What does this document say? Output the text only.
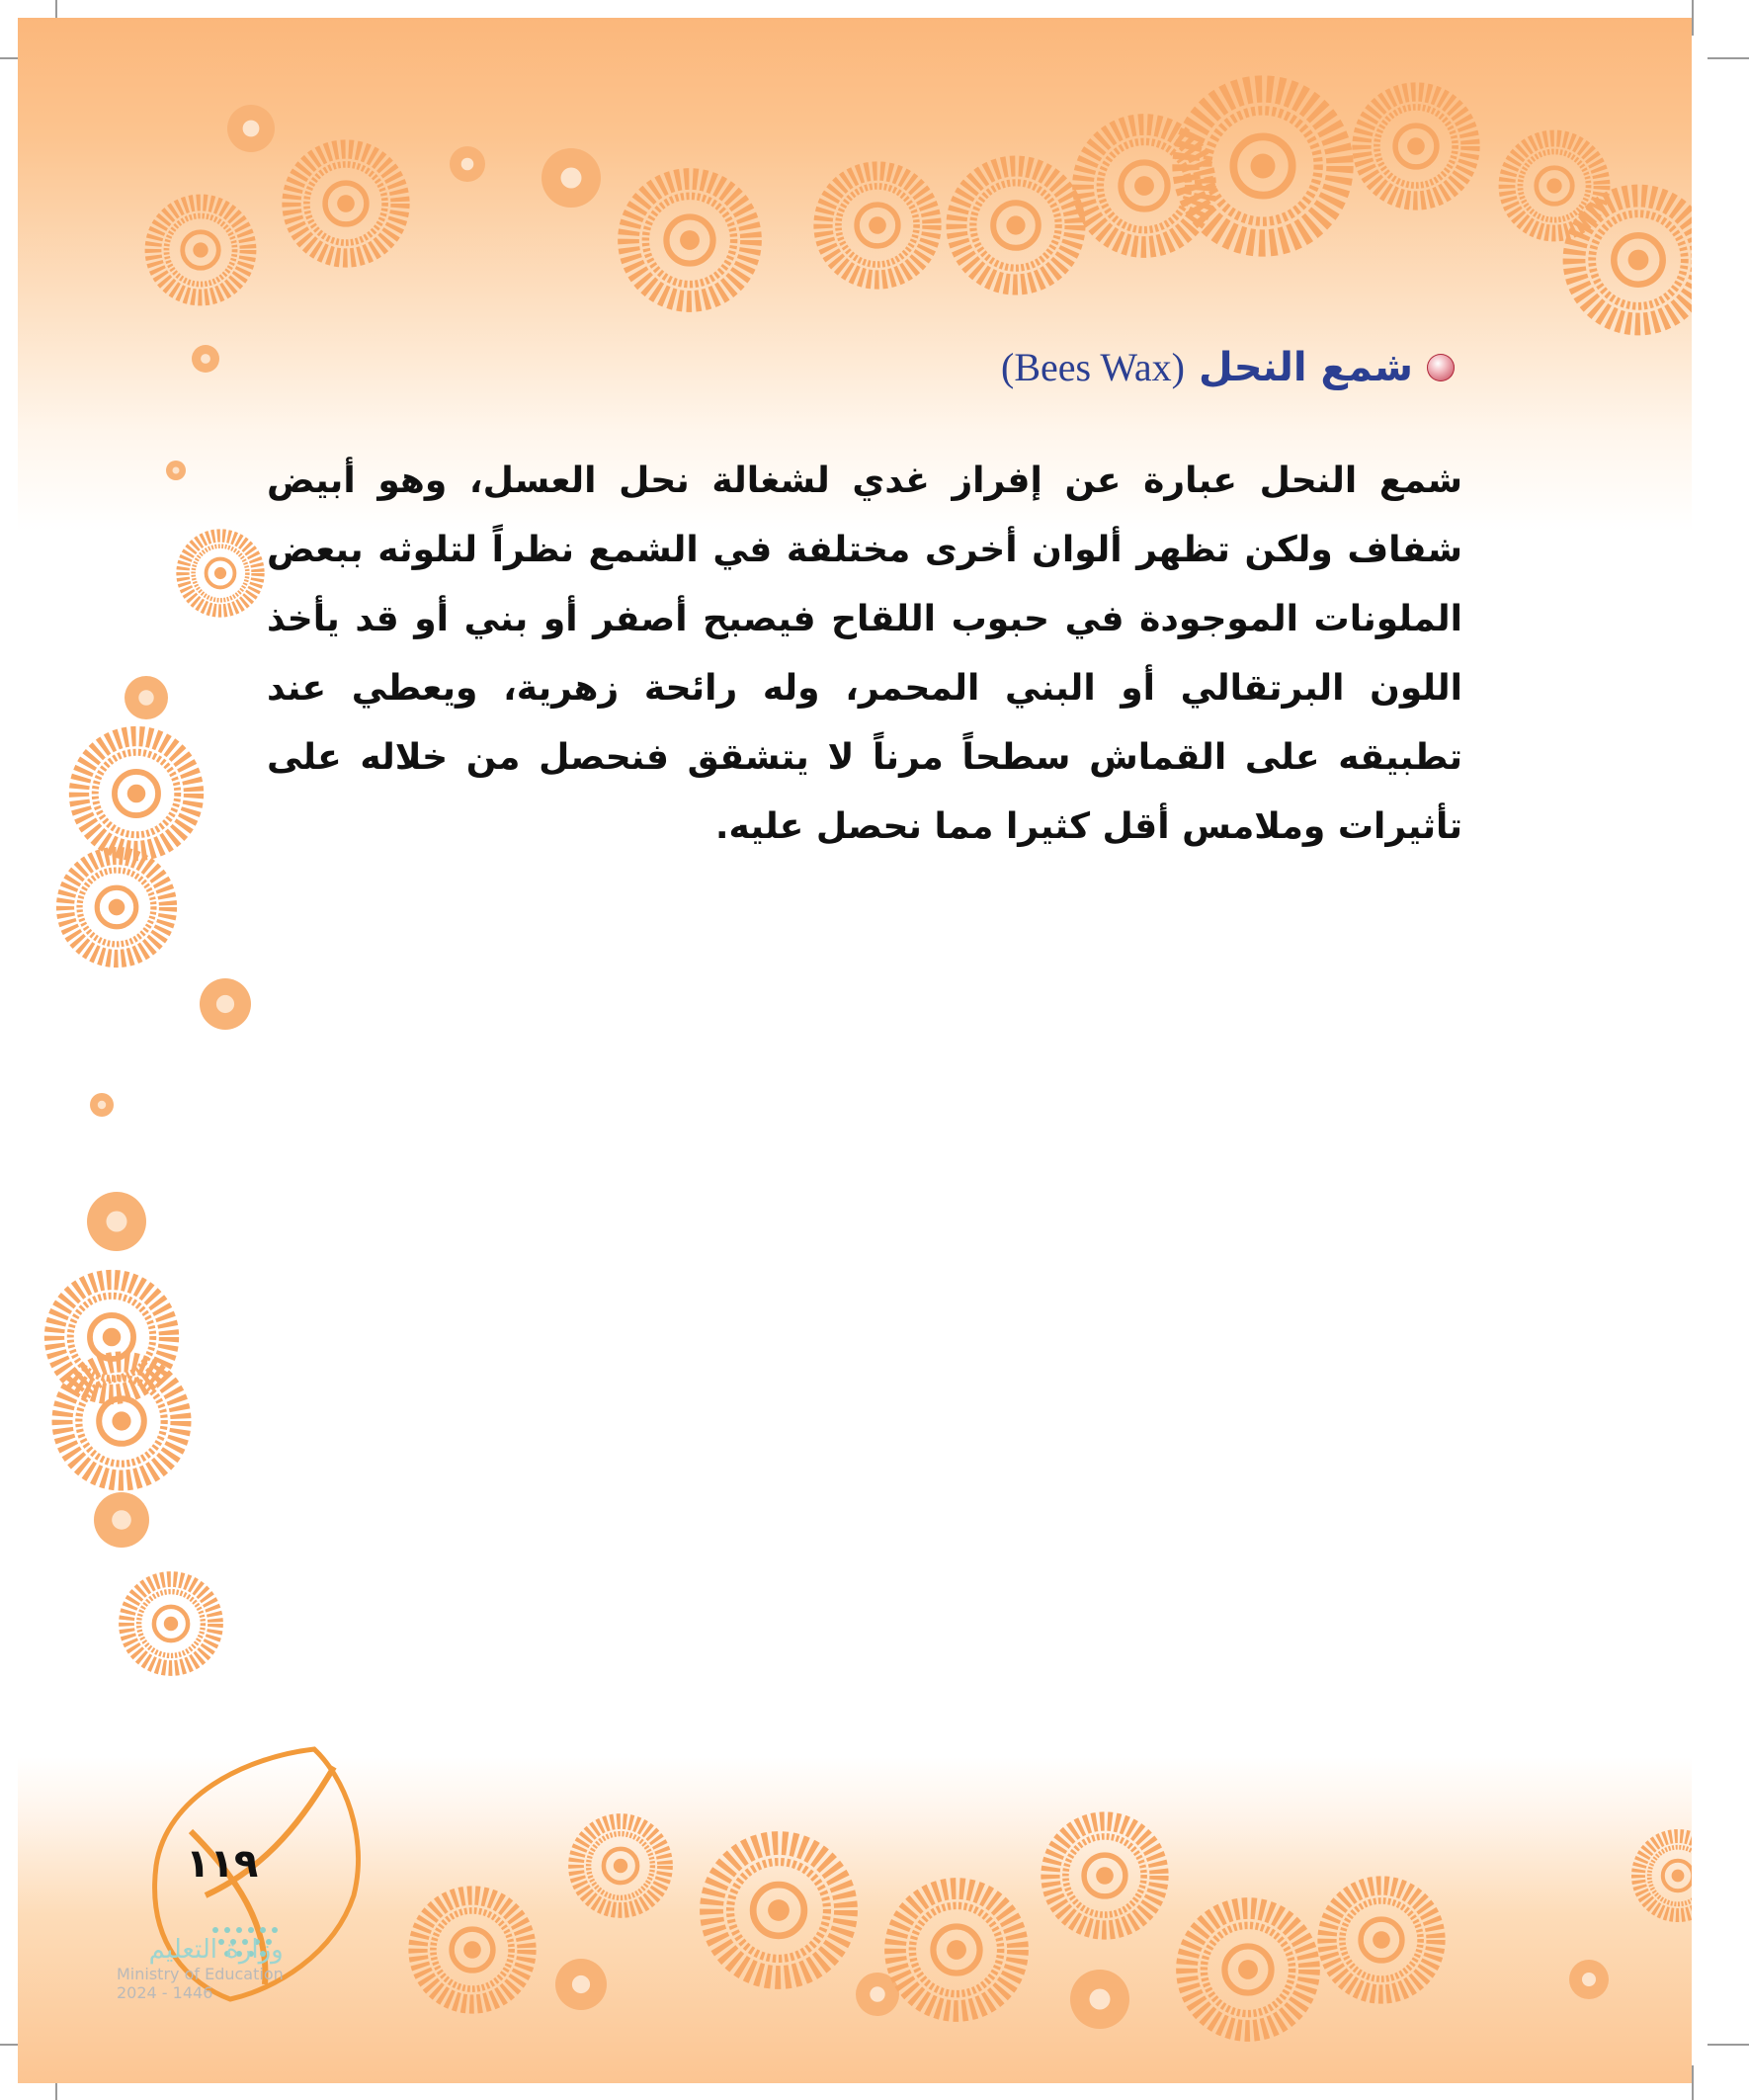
شمع النحل
(Bees Wax)

شمع النحل عبارة عن إفراز غدي لشغالة نحل العسل، وهو أبيض شفاف ولكن تظهر ألوان أخرى مختلفة في الشمع نظراً لتلوثه ببعض الملونات الموجودة في حبوب اللقاح فيصبح أصفر أو بني أو قد يأخذ اللون البرتقالي أو البني المحمر، وله رائحة زهرية، ويعطي عند تطبيقه على القماش سطحاً مرناً لا يتشقق فنحصل من خلاله على تأثيرات وملامس أقل كثيرا مما نحصل عليه.

١١٩
وزارة التعليم
Ministry of Education
2024 - 1446
